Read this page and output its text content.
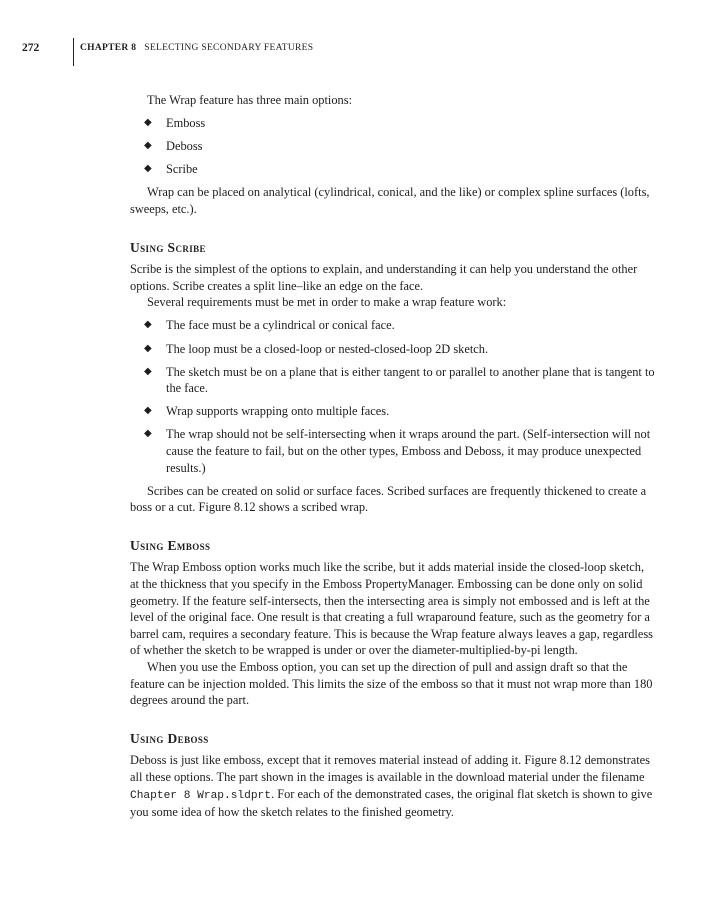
272	CHAPTER 8 SELECTING SECONDARY FEATURES

The Wrap feature has three main options:

◆ Emboss
◆ Deboss
◆ Scribe

Wrap can be placed on analytical (cylindrical, conical, and the like) or complex spline surfaces (lofts, sweeps, etc.).

Using Scribe

Scribe is the simplest of the options to explain, and understanding it can help you understand the other options. Scribe creates a split line–like an edge on the face.

Several requirements must be met in order to make a wrap feature work:

◆ The face must be a cylindrical or conical face.
◆ The loop must be a closed-loop or nested-closed-loop 2D sketch.
◆ The sketch must be on a plane that is either tangent to or parallel to another plane that is tangent to the face.
◆ Wrap supports wrapping onto multiple faces.
◆ The wrap should not be self-intersecting when it wraps around the part. (Self-intersection will not cause the feature to fail, but on the other types, Emboss and Deboss, it may produce unexpected results.)

Scribes can be created on solid or surface faces. Scribed surfaces are frequently thickened to create a boss or a cut. Figure 8.12 shows a scribed wrap.

Using Emboss

The Wrap Emboss option works much like the scribe, but it adds material inside the closed-loop sketch, at the thickness that you specify in the Emboss PropertyManager. Embossing can be done only on solid geometry. If the feature self-intersects, then the intersecting area is simply not embossed and is left at the level of the original face. One result is that creating a full wraparound feature, such as the geometry for a barrel cam, requires a secondary feature. This is because the Wrap feature always leaves a gap, regardless of whether the sketch to be wrapped is under or over the diameter-multiplied-by-pi length.

When you use the Emboss option, you can set up the direction of pull and assign draft so that the feature can be injection molded. This limits the size of the emboss so that it must not wrap more than 180 degrees around the part.

Using Deboss

Deboss is just like emboss, except that it removes material instead of adding it. Figure 8.12 demonstrates all these options. The part shown in the images is available in the download material under the filename Chapter 8 Wrap.sldprt. For each of the demonstrated cases, the original flat sketch is shown to give you some idea of how the sketch relates to the finished geometry.
